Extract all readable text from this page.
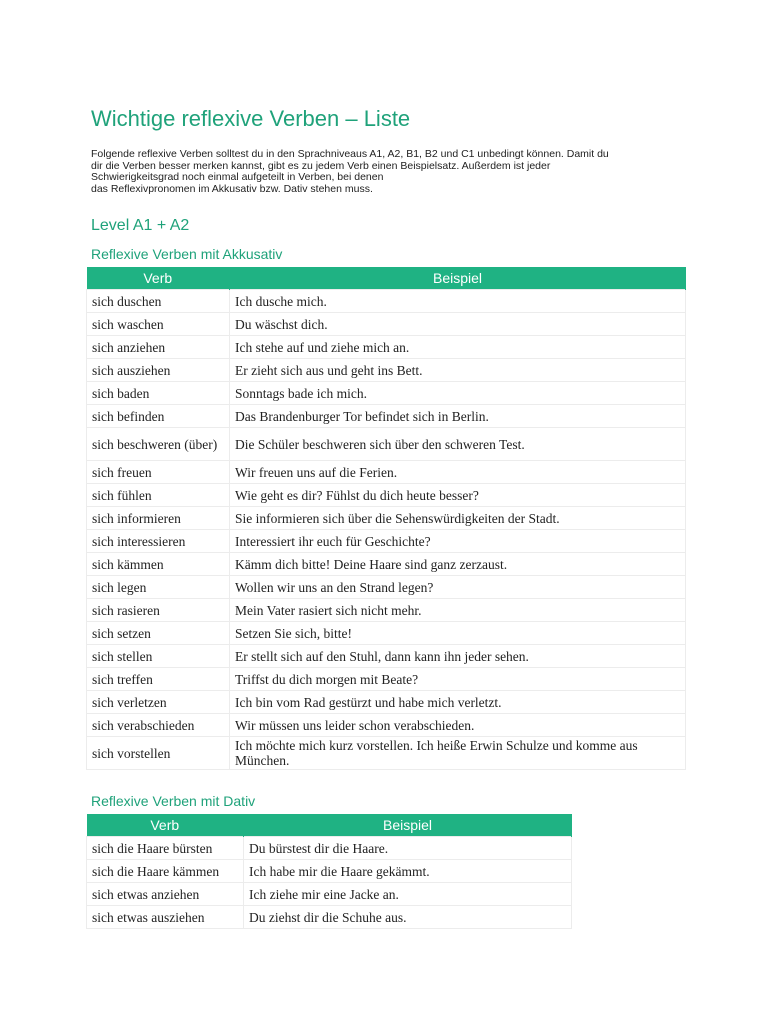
Wichtige reflexive Verben – Liste

Folgende reflexive Verben solltest du in den Sprachniveaus A1, A2, B1, B2 und C1 unbedingt können. Damit du
dir die Verben besser merken kannst, gibt es zu jedem Verb einen Beispielsatz. Außerdem ist jeder
Schwierigkeitsgrad noch einmal aufgeteilt in Verben, bei denen
das Reflexivpronomen im Akkusativ bzw. Dativ stehen muss.

Level A1 + A2
Reflexive Verben mit Akkusativ
Verb	Beispiel
sich duschen	Ich dusche mich.
sich waschen	Du wäschst dich.
sich anziehen	Ich stehe auf und ziehe mich an.
sich ausziehen	Er zieht sich aus und geht ins Bett.
sich baden	Sonntags bade ich mich.
sich befinden	Das Brandenburger Tor befindet sich in Berlin.
sich beschweren (über)	Die Schüler beschweren sich über den schweren Test.
sich freuen	Wir freuen uns auf die Ferien.
sich fühlen	Wie geht es dir? Fühlst du dich heute besser?
sich informieren	Sie informieren sich über die Sehenswürdigkeiten der Stadt.
sich interessieren	Interessiert ihr euch für Geschichte?
sich kämmen	Kämm dich bitte! Deine Haare sind ganz zerzaust.
sich legen	Wollen wir uns an den Strand legen?
sich rasieren	Mein Vater rasiert sich nicht mehr.
sich setzen	Setzen Sie sich, bitte!
sich stellen	Er stellt sich auf den Stuhl, dann kann ihn jeder sehen.
sich treffen	Triffst du dich morgen mit Beate?
sich verletzen	Ich bin vom Rad gestürzt und habe mich verletzt.
sich verabschieden	Wir müssen uns leider schon verabschieden.
sich vorstellen	Ich möchte mich kurz vorstellen. Ich heiße Erwin Schulze und komme aus München.
Reflexive Verben mit Dativ
Verb	Beispiel
sich die Haare bürsten	Du bürstest dir die Haare.
sich die Haare kämmen	Ich habe mir die Haare gekämmt.
sich etwas anziehen	Ich ziehe mir eine Jacke an.
sich etwas ausziehen	Du ziehst dir die Schuhe aus.
